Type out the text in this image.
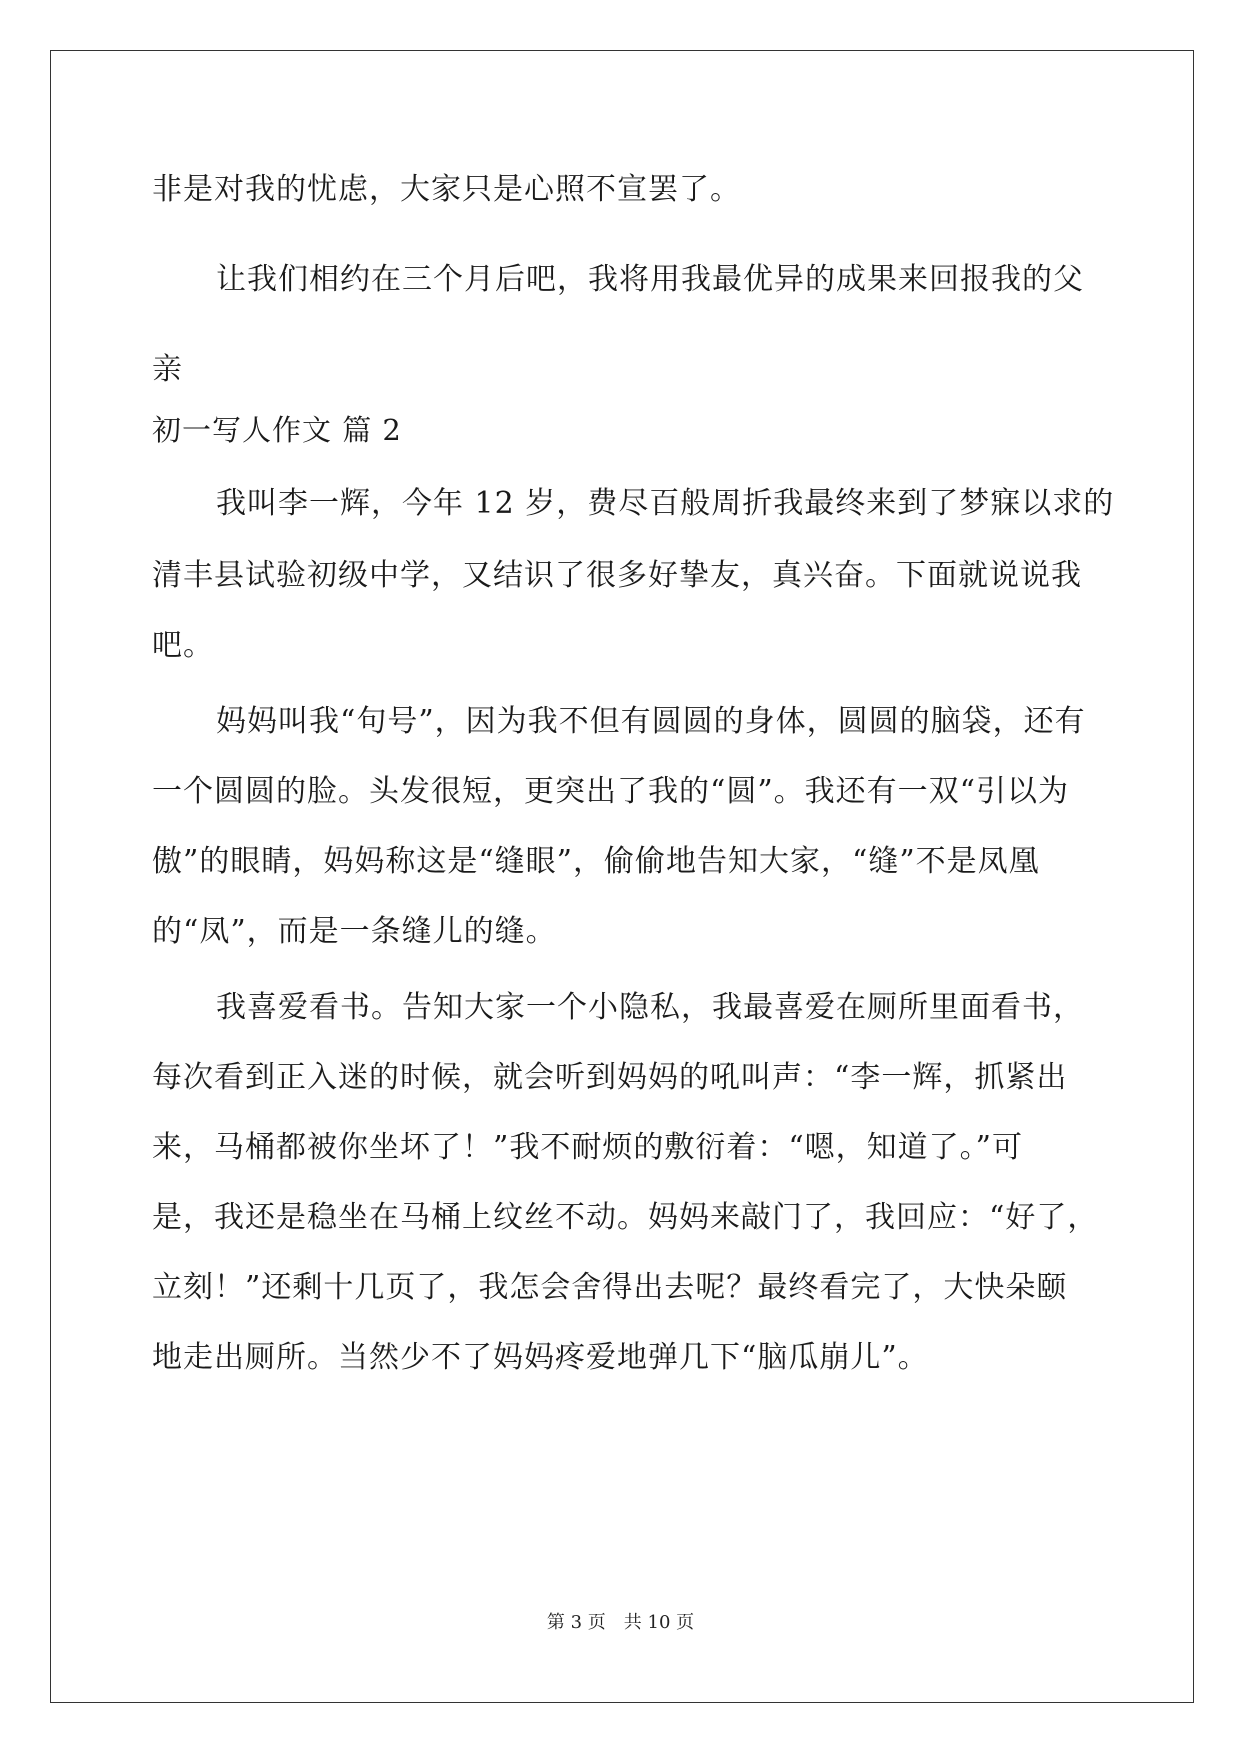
非是对我的忧虑，大家只是心照不宣罢了。

让我们相约在三个月后吧，我将用我最优异的成果来回报我的父

亲

初一写人作文 篇 2

我叫李一辉，今年 12 岁，费尽百般周折我最终来到了梦寐以求的

清丰县试验初级中学，又结识了很多好挚友，真兴奋。下面就说说我

吧。

妈妈叫我“句号”，因为我不但有圆圆的身体，圆圆的脑袋，还有

一个圆圆的脸。头发很短，更突出了我的“圆”。我还有一双“引以为

傲”的眼睛，妈妈称这是“缝眼”，偷偷地告知大家，“缝”不是凤凰

的“凤”，而是一条缝儿的缝。

我喜爱看书。告知大家一个小隐私，我最喜爱在厕所里面看书，

每次看到正入迷的时候，就会听到妈妈的吼叫声：“李一辉，抓紧出

来，马桶都被你坐坏了！”我不耐烦的敷衍着：“嗯，知道了。”可

是，我还是稳坐在马桶上纹丝不动。妈妈来敲门了，我回应：“好了，

立刻！”还剩十几页了，我怎会舍得出去呢？最终看完了，大快朵颐

地走出厕所。当然少不了妈妈疼爱地弹几下“脑瓜崩儿”。

第 3 页 共 10 页
